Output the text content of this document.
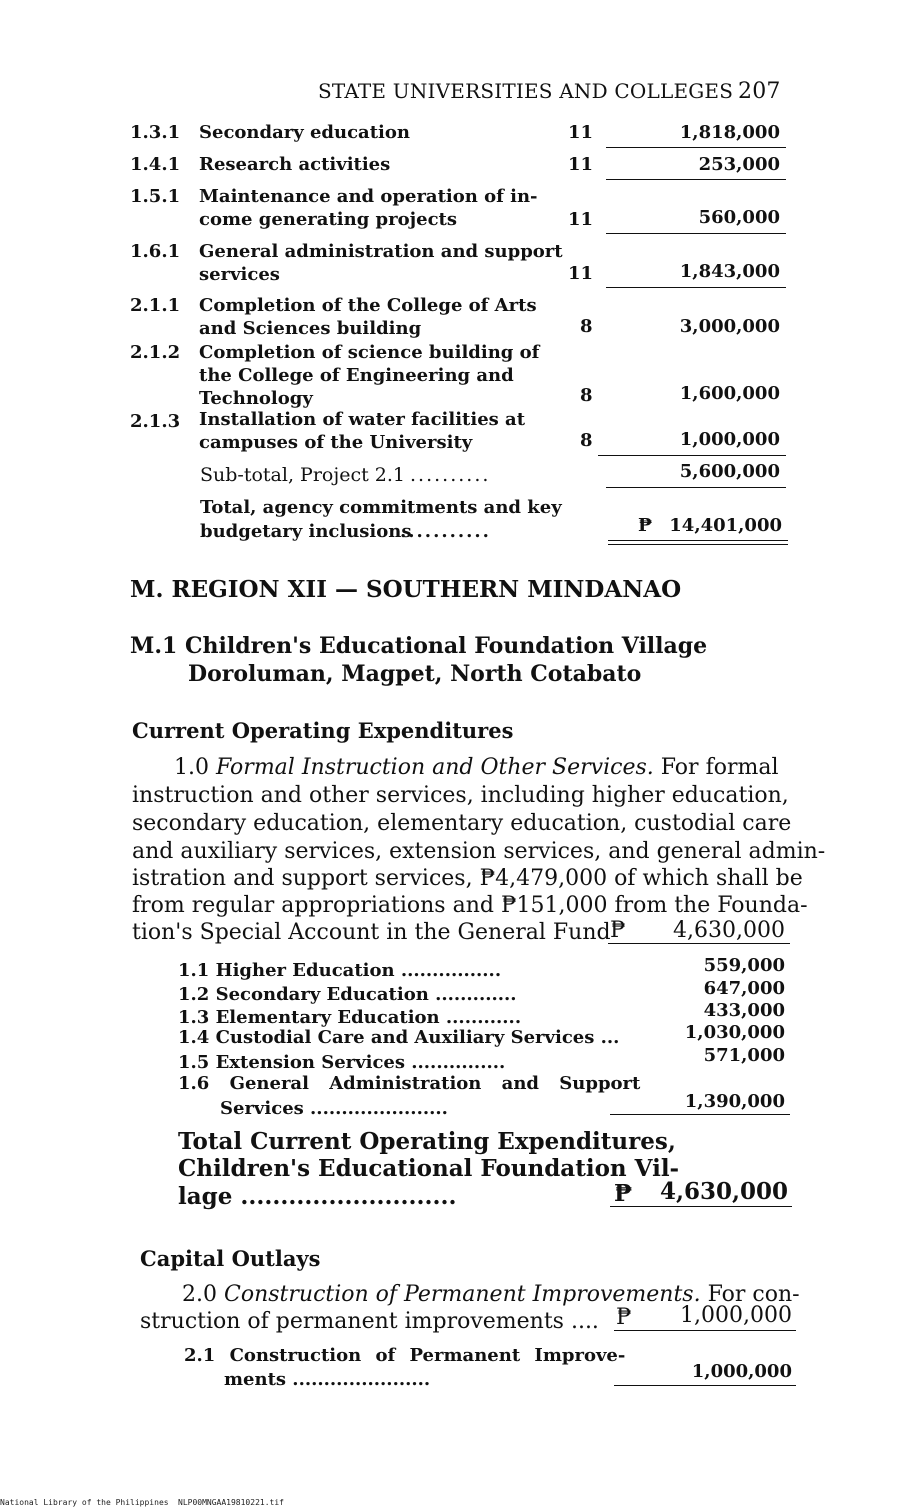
STATE UNIVERSITIES AND COLLEGES 207
1.3.1 Secondary education	11	1,818,000
1.4.1 Research activities	11	253,000
1.5.1 Maintenance and operation of in-
come generating projects	11	560,000
1.6.1 General administration and support
services	11	1,843,000
2.1.1 Completion of the College of Arts
and Sciences building	8	3,000,000
2.1.2 Completion of science building of
the College of Engineering and
Technology	8	1,600,000
2.1.3 Installation of water facilities at
campuses of the University	8	1,000,000
Sub-total, Project 2.1 ..........	5,600,000
Total, agency commitments and key
budgetary inclusions
...........	₱ 14,401,000
M. REGION XII — SOUTHERN MINDANAO
M.1 Children's Educational Foundation Village
Doroluman, Magpet, North Cotabato
Current Operating Expenditures
1.0 Formal Instruction and Other Services. For formal
instruction and other services, including higher education,
secondary education, elementary education, custodial care
and auxiliary services, extension services, and general admin-
istration and support services, ₱4,479,000 of which shall be
from regular appropriations and ₱151,000 from the Founda-
tion's Special Account in the General Fund ₱	4,630,000
1.1 Higher Education ................	559,000
1.2 Secondary Education .............	647,000
1.3 Elementary Education ............	433,000
1.4 Custodial Care and Auxiliary Services ...	1,030,000
1.5 Extension Services ...............	571,000
1.6 General Administration and Support
Services ......................	1,390,000
Total Current Operating Expenditures,
Children's Educational Foundation Vil-
lage ...........................	₱	4,630,000
Capital Outlays
2.0 Construction of Permanent Improvements. For con-
struction of permanent improvements .... ₱	1,000,000
2.1 Construction of Permanent Improve-
ments ......................	1,000,000
National Library of the Philippines NLP00MNGAA19810221.tif
